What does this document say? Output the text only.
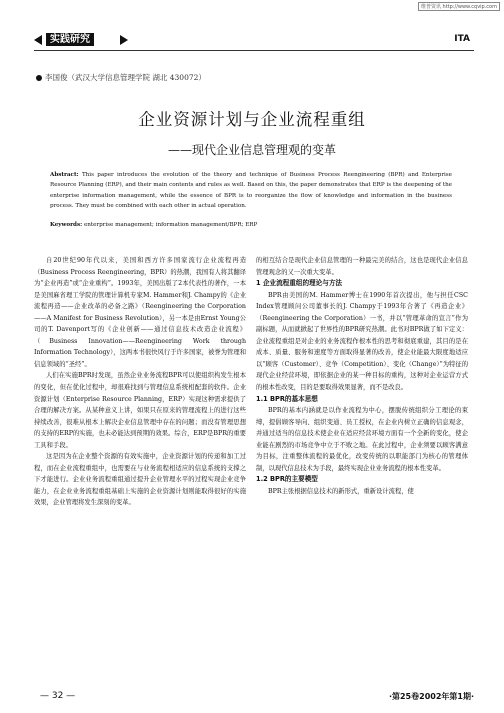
维普资讯 http://www.cqvip.com
实践研究	ITA
李国俊（武汉大学信息管理学院 湖北 430072）
企业资源计划与企业流程重组
——现代企业信息管理观的变革
Abstract: This paper introduces the evolution of the theory and technique of Business Process Reengineering (BPR) and Enterprise Resource Planning (ERP), and their main contents and rules as well. Based on this, the paper demonstrates that ERP is the deepening of the enterprise information management, while the essence of BPR is to reorganize the flow of knowledge and information in the business process. They must be combined with each other in actual operation.
Keywords: enterprise management; information management/BPR; ERP

自20世纪90年代以来，美国和西方许多国家流行企业流程再造（Business Process Reengineering，BPR）的热潮，我国有人将其翻译为“企业再造”或“企业重构”。1993年，美国出版了2本代表性的著作，一本是美国麻省理工学院的管理计算机专家M. Hammer和J. Champy的《企业流程再造——企业改革的必备之路》（Reengineering the Corporation——A Manifest for Business Revolution），另一本是由Ernst Young公司的T. Davenport写的《企业创新——通过信息技术改造企业流程》（Business Innovation——Reengineering Work through Information Technology），这两本书很快风行于许多国家，被誉为管理和信息领域的“圣经”。

人们在实施BPR时发现，虽然企业业务流程BPR可以使组织构发生根本的变化，但在优化过程中，却很难找到与管理信息系统相配套的软件。企业资源计划（Enterprise Resource Planning，ERP）实现这种需求提供了合理的解决方案。从某种意义上讲，如果只在原来的管理流程上的进行这些持续改善，很难从根本上解决企业信息管理中存在的问题；而没有管理思想的支持的ERP的实施，也未必能达到预期的效果。综合，ERP是BPR的重要工具和手段。

这是因为在企业整个资源的有效实施中，企业资源计划的传递和加工过程，而在企业流程重组中，也需要在与业务流程相适应的信息系统的支撑之下才能进行。企业业务流程重组通过提升企业管理水平的过程实现企业竞争能力，在企业业务流程重组基础上实施的企业资源计划则能取得很好的实施效果，企业管理将发生深刻的变革。

的相互结合是现代企业信息管理的一种最完美的结合，这也是现代企业信息管理观念的又一次重大变革。

1 企业流程重组的理论与方法

BPR由美国的M. Hammer博士在1990年首次提出，他与担任CSC Index管理顾问公司董事长的J. Champy于1993年合著了《再造企业》（Reengineering the Corporation）一书，并以“管理革命的宣言”作为副标题，从而就掀起了世界性的BPR研究热潮。此书对BPR做了如下定义：企业流程重组是对企业的业务流程作根本性的思考和彻底重建，其目的是在成本、质量、服务和速度等方面取得显著的改善，使企业能最大限度地适应以“顾客（Customer）、竞争（Competition）、变化（Change）”为特征的现代企业经营环境，即依据企业的某一种目标的重构，这种对企业运营方式的根本性改变，目的是要取得效果显著，而不是改良。

1.1 BPR的基本思想

BPR的基本内涵就是以作业流程为中心，摆脱传统组织分工理论的束缚，提倡顾客导向、组织变通、员工授权，在企业内树立正确的信息观念，并通过适当的信息技术使企业在适应经营环境方面有一个全新的变化，使企业能在剧烈的市场竞争中立于不败之地。在此过程中，企业须要以顾客满意为目标，注重整体流程的最优化，改变传统的以职能部门为核心的管理体制，以现代信息技术为手段，最终实现企业业务流程的根本性变革。

1.2 BPR的主要模型

BPR主张根据信息技术的新形式，重新设计流程，使

— 32 —	·第25卷2002年第1期·
